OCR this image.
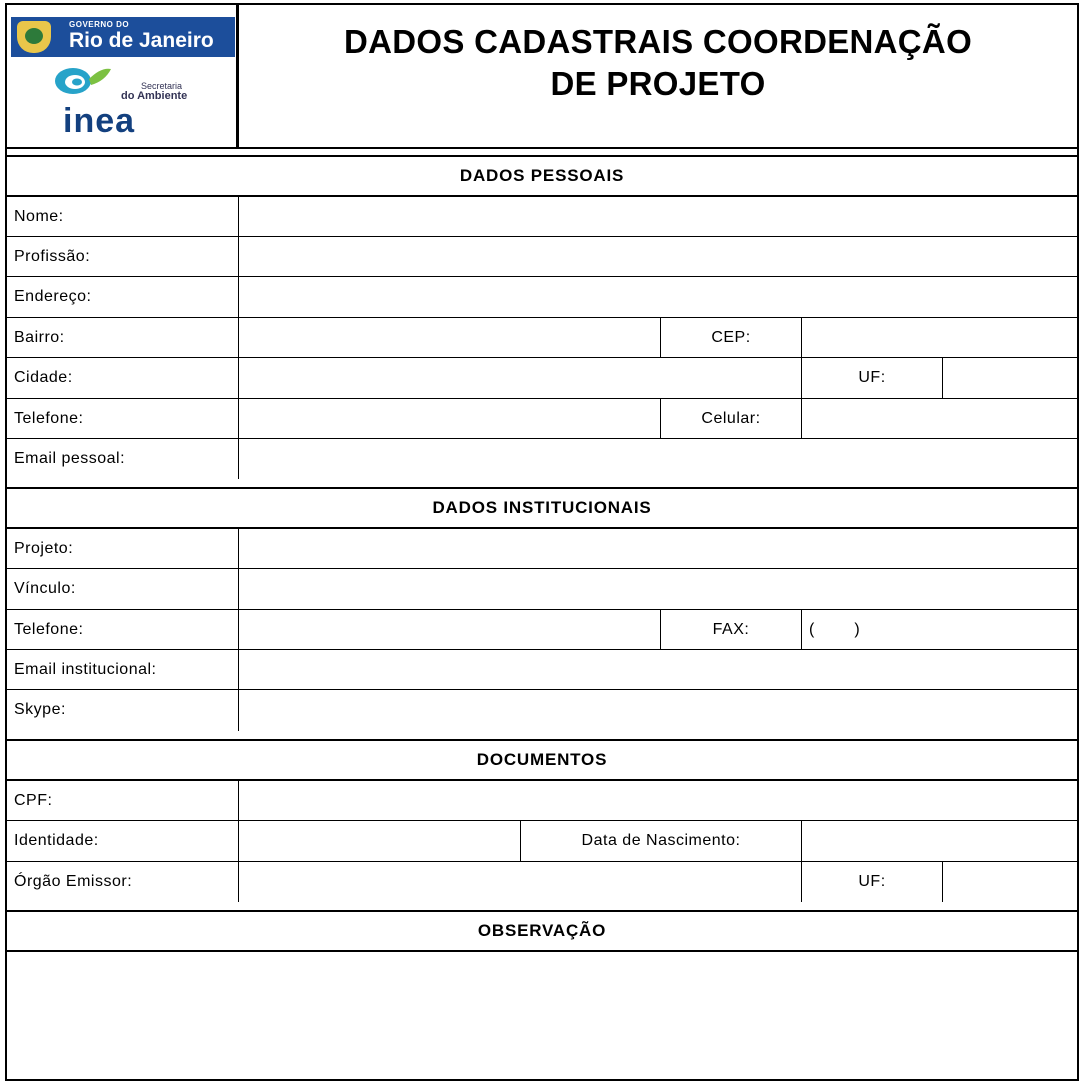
GOVERNO DO
Rio de Janeiro
Secretaria
do Ambiente
inea
DADOS CADASTRAIS COORDENAÇÃO
DE PROJETO
DADOS PESSOAIS
Nome:
Profissão:
Endereço:
Bairro:	CEP:
Cidade:	UF:
Telefone:	Celular:
Email pessoal:
DADOS INSTITUCIONAIS
Projeto:
Vínculo:
Telefone:	FAX:	(        )
Email institucional:
Skype:
DOCUMENTOS
CPF:
Identidade:	Data de Nascimento:
Órgão Emissor:	UF:
OBSERVAÇÃO
